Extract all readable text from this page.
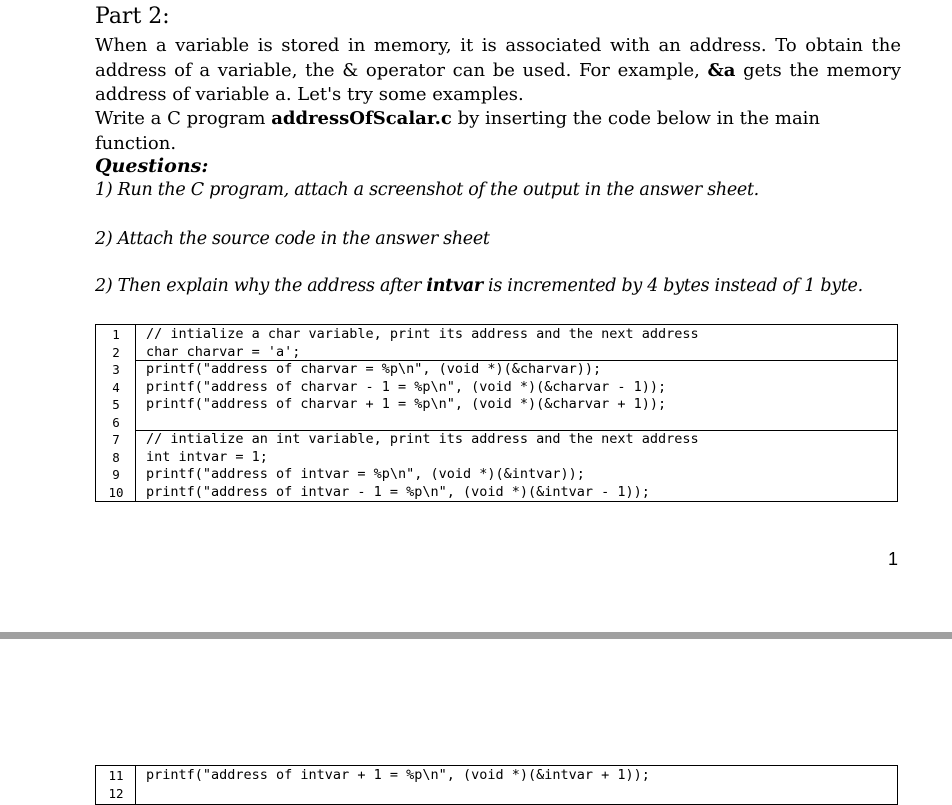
Part 2:

When a variable is stored in memory, it is associated with an address. To obtain the address of a variable, the & operator can be used. For example, &a gets the memory address of variable a. Let's try some examples.

Write a C program addressOfScalar.c by inserting the code below in the main function.

Questions:

1) Run the C program, attach a screenshot of the output in the answer sheet.

2) Attach the source code in the answer sheet

2) Then explain why the address after intvar is incremented by 4 bytes instead of 1 byte.

1	// intialize a char variable, print its address and the next address
2	char charvar = 'a';
3	printf("address of charvar = %p\n", (void *)(&charvar));
4	printf("address of charvar - 1 = %p\n", (void *)(&charvar - 1));
5	printf("address of charvar + 1 = %p\n", (void *)(&charvar + 1));
6
7	// intialize an int variable, print its address and the next address
8	int intvar = 1;
9	printf("address of intvar = %p\n", (void *)(&intvar));
10	printf("address of intvar - 1 = %p\n", (void *)(&intvar - 1));
1
11	printf("address of intvar + 1 = %p\n", (void *)(&intvar + 1));
12
